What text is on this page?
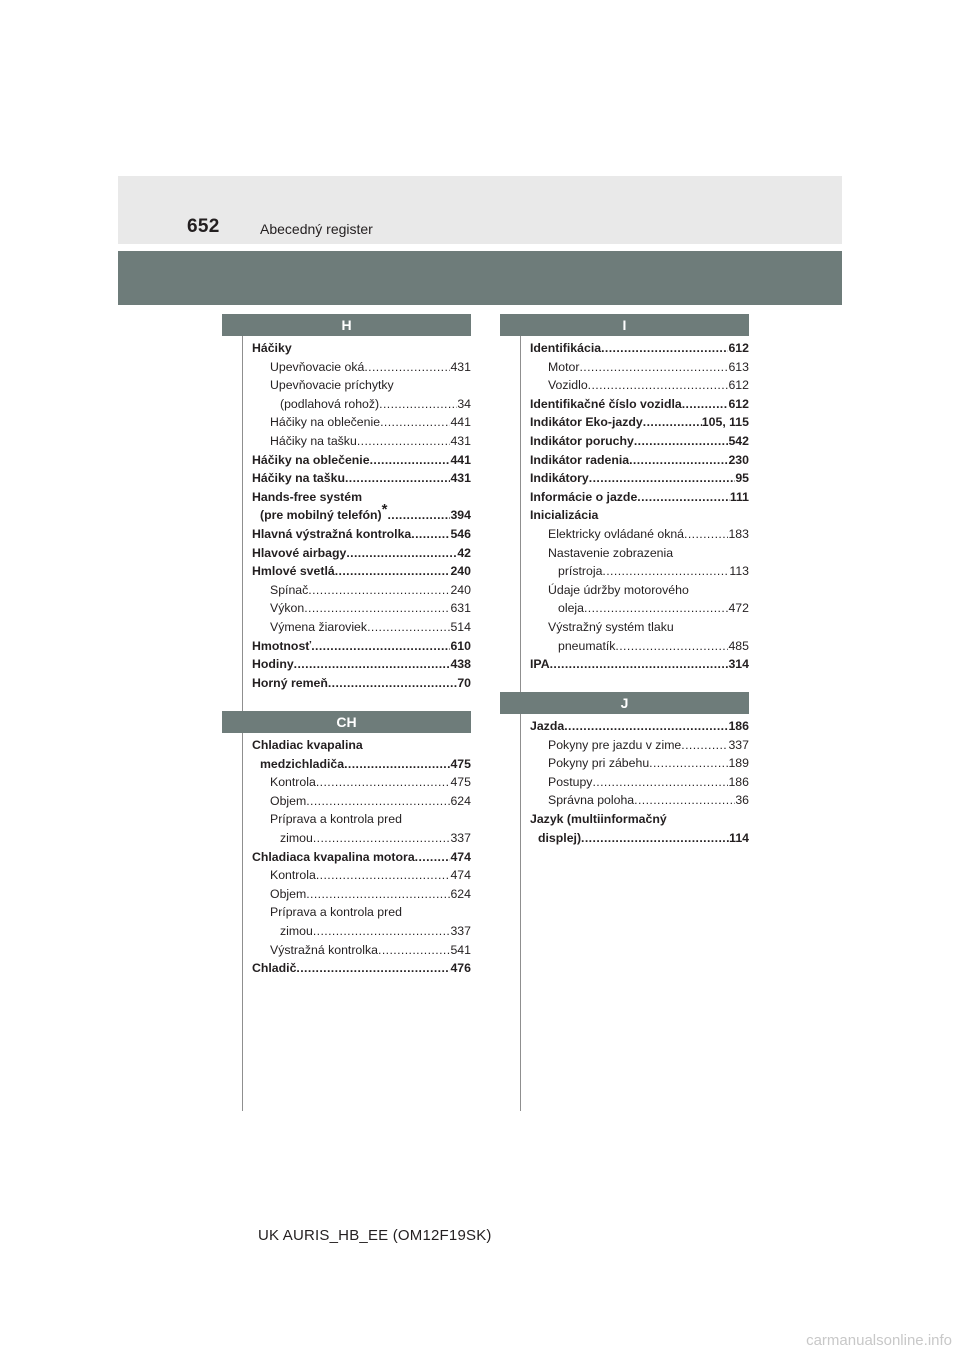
652	Abecedný register
H
Háčiky
Upevňovacie oká .....	431
Upevňovacie príchytky
(podlahová rohož) .....	34
Háčiky na oblečenie .....	441
Háčiky na tašku .....	431
Háčiky na oblečenie .....	441
Háčiky na tašku .....	431
Hands-free systém
(pre mobilný telefón)* .....	394
Hlavná výstražná kontrolka .....	546
Hlavové airbagy .....	42
Hmlové svetlá .....	240
Spínač .....	240
Výkon .....	631
Výmena žiaroviek .....	514
Hmotnosť .....	610
Hodiny .....	438
Horný remeň .....	70
CH
Chladiac kvapalina
medzichladiča .....	475
Kontrola .....	475
Objem .....	624
Príprava a kontrola pred
zimou .....	337
Chladiaca kvapalina motora .....	474
Kontrola .....	474
Objem .....	624
Príprava a kontrola pred
zimou .....	337
Výstražná kontrolka .....	541
Chladič .....	476
I
Identifikácia .....	612
Motor .....	613
Vozidlo .....	612
Identifikačné číslo vozidla .....	612
Indikátor Eko-jazdy .....	105, 115
Indikátor poruchy .....	542
Indikátor radenia .....	230
Indikátory .....	95
Informácie o jazde .....	111
Inicializácia
Elektricky ovládané okná .....	183
Nastavenie zobrazenia
prístroja .....	113
Údaje údržby motorového
oleja .....	472
Výstražný systém tlaku
pneumatík .....	485
IPA .....	314
J
Jazda .....	186
Pokyny pre jazdu v zime .....	337
Pokyny pri zábehu .....	189
Postupy .....	186
Správna poloha .....	36
Jazyk (multiinformačný
displej) .....	114
UK AURIS_HB_EE (OM12F19SK)
carmanualsonline.info
